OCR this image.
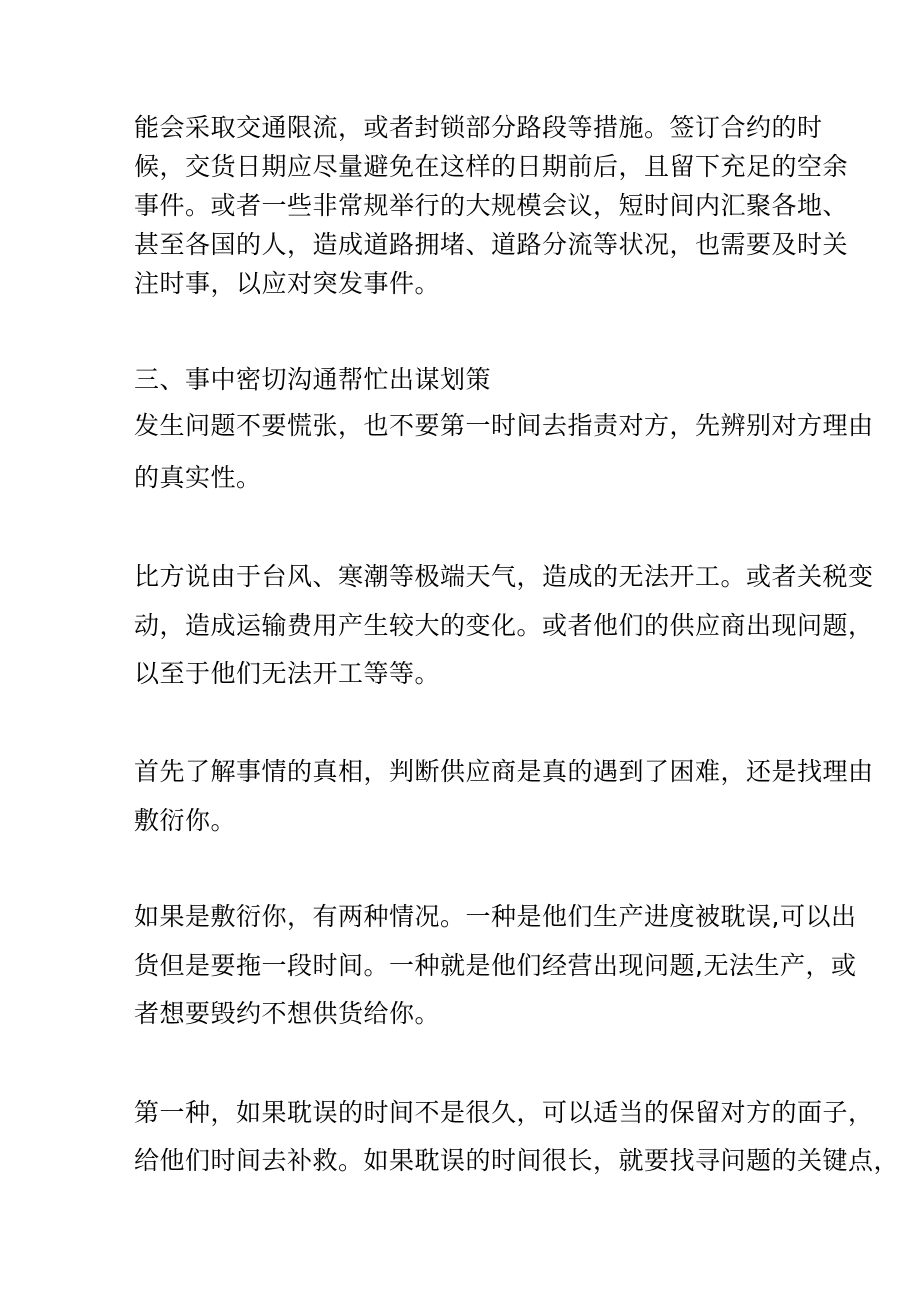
能会采取交通限流，或者封锁部分路段等措施。签订合约的时
候，交货日期应尽量避免在这样的日期前后，且留下充足的空余
事件。或者一些非常规举行的大规模会议，短时间内汇聚各地、
甚至各国的人，造成道路拥堵、道路分流等状况，也需要及时关
注时事，以应对突发事件。
三、事中密切沟通帮忙出谋划策
发生问题不要慌张，也不要第一时间去指责对方，先辨别对方理由
的真实性。
比方说由于台风、寒潮等极端天气，造成的无法开工。或者关税变
动，造成运输费用产生较大的变化。或者他们的供应商出现问题，
以至于他们无法开工等等。
首先了解事情的真相，判断供应商是真的遇到了困难，还是找理由
敷衍你。
如果是敷衍你，有两种情况。一种是他们生产进度被耽误,可以出
货但是要拖一段时间。一种就是他们经营出现问题,无法生产，或
者想要毁约不想供货给你。
第一种，如果耽误的时间不是很久，可以适当的保留对方的面子，
给他们时间去补救。如果耽误的时间很长，就要找寻问题的关键点，
